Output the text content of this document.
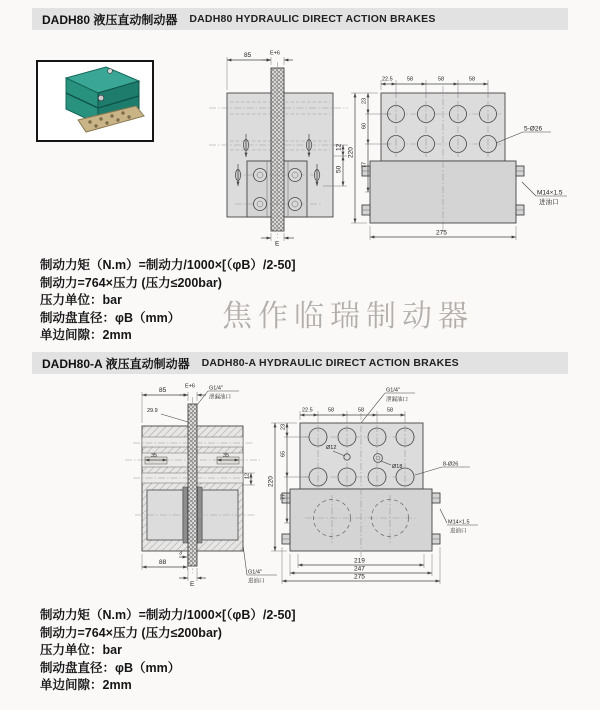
DADH80 液压直动制动器 DADH80 HYDRAULIC DIRECT ACTION BRAKES
85	E+6
E
12
50
22.5	58	58	58
220
23
60
77
275
5-Ø26
M14×1.5
进油口
制动力矩（N.m）=制动力/1000×[（φB）/2-50]
制动力=764×压力 (压力≤200bar)
压力单位：bar
制动盘直径：φB（mm）
单边间隙：2mm
焦作临瑞制动器
DADH80-A 液压直动制动器 DADH80-A HYDRAULIC DIRECT ACTION BRAKES
85
E+6	G1/4″
泄漏油口
29.9
35	35
12
88
3
E
G1/4″
进油口
22.5	58	58	58
G1/4″
泄漏油口
Ø12
Ø18	8-Ø26
220
23
65
77
219
247
275
M14×1.5
进油口
制动力矩（N.m）=制动力/1000×[（φB）/2-50]
制动力=764×压力 (压力≤200bar)
压力单位：bar
制动盘直径：φB（mm）
单边间隙：2mm
